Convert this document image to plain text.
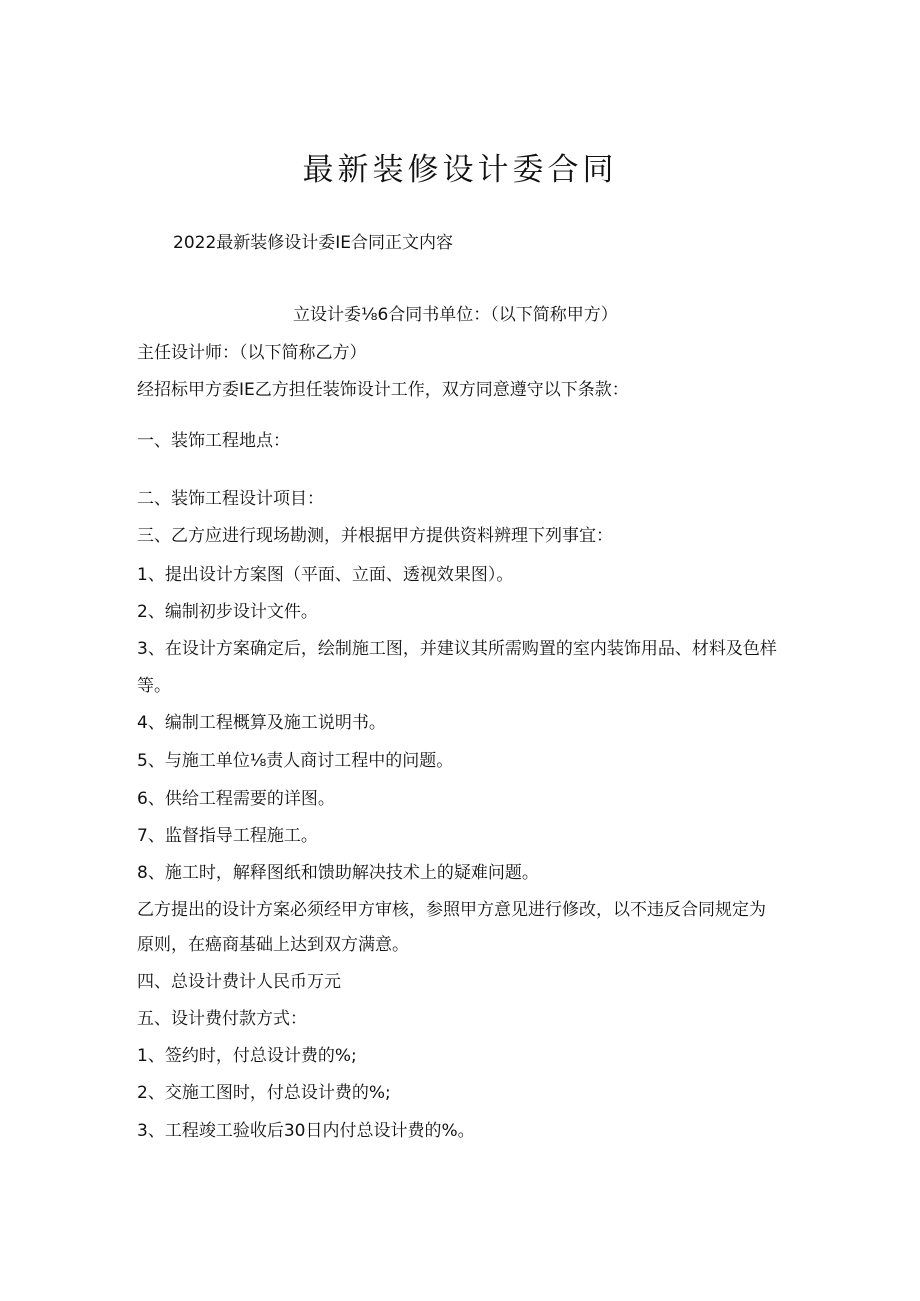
最新装修设计委合同
2022最新装修设计委IE合同正文内容
立设计委⅛6合同书单位：（以下简称甲方）
主任设计师：（以下简称乙方）
经招标甲方委IE乙方担任装饰设计工作，双方同意遵守以下条款：
一、装饰工程地点：
二、装饰工程设计项目：
三、乙方应进行现场勘测，并根据甲方提供资料辨理下列事宜：
1、提出设计方案图（平面、立面、透视效果图）。
2、编制初步设计文件。
3、在设计方案确定后，绘制施工图，并建议其所需购置的室内装饰用品、材料及色样
等。
4、编制工程概算及施工说明书。
5、与施工单位⅛责人商讨工程中的问题。
6、供给工程需要的详图。
7、监督指导工程施工。
8、施工时，解释图纸和馈助解决技术上的疑难问题。
乙方提出的设计方案必须经甲方审核，参照甲方意见进行修改，以不违反合同规定为
原则，在癌商基础上达到双方满意。
四、总设计费计人民币万元
五、设计费付款方式：
1、签约时，付总设计费的%;
2、交施工图时，付总设计费的%;
3、工程竣工验收后30日内付总设计费的%。
